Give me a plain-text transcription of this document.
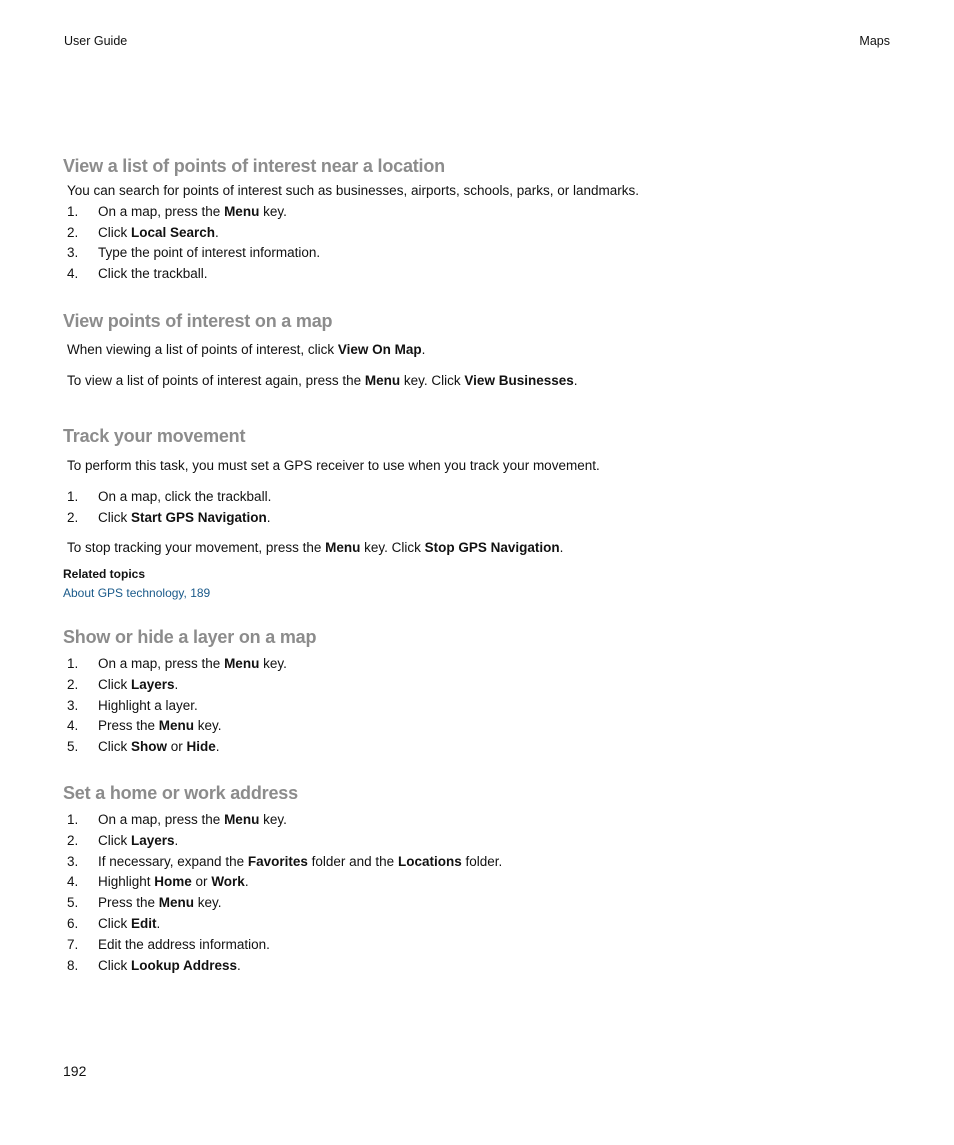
User Guide	Maps
View a list of points of interest near a location

You can search for points of interest such as businesses, airports, schools, parks, or landmarks.

1. On a map, press the Menu key.
2. Click Local Search.
3. Type the point of interest information.
4. Click the trackball.
View points of interest on a map

When viewing a list of points of interest, click View On Map.

To view a list of points of interest again, press the Menu key. Click View Businesses.

Track your movement

To perform this task, you must set a GPS receiver to use when you track your movement.

1. On a map, click the trackball.
2. Click Start GPS Navigation.

To stop tracking your movement, press the Menu key. Click Stop GPS Navigation.

Related topics

About GPS technology, 189
Show or hide a layer on a map
1. On a map, press the Menu key.
2. Click Layers.
3. Highlight a layer.
4. Press the Menu key.
5. Click Show or Hide.
Set a home or work address
1. On a map, press the Menu key.
2. Click Layers.
3. If necessary, expand the Favorites folder and the Locations folder.
4. Highlight Home or Work.
5. Press the Menu key.
6. Click Edit.
7. Edit the address information.
8. Click Lookup Address.
192
